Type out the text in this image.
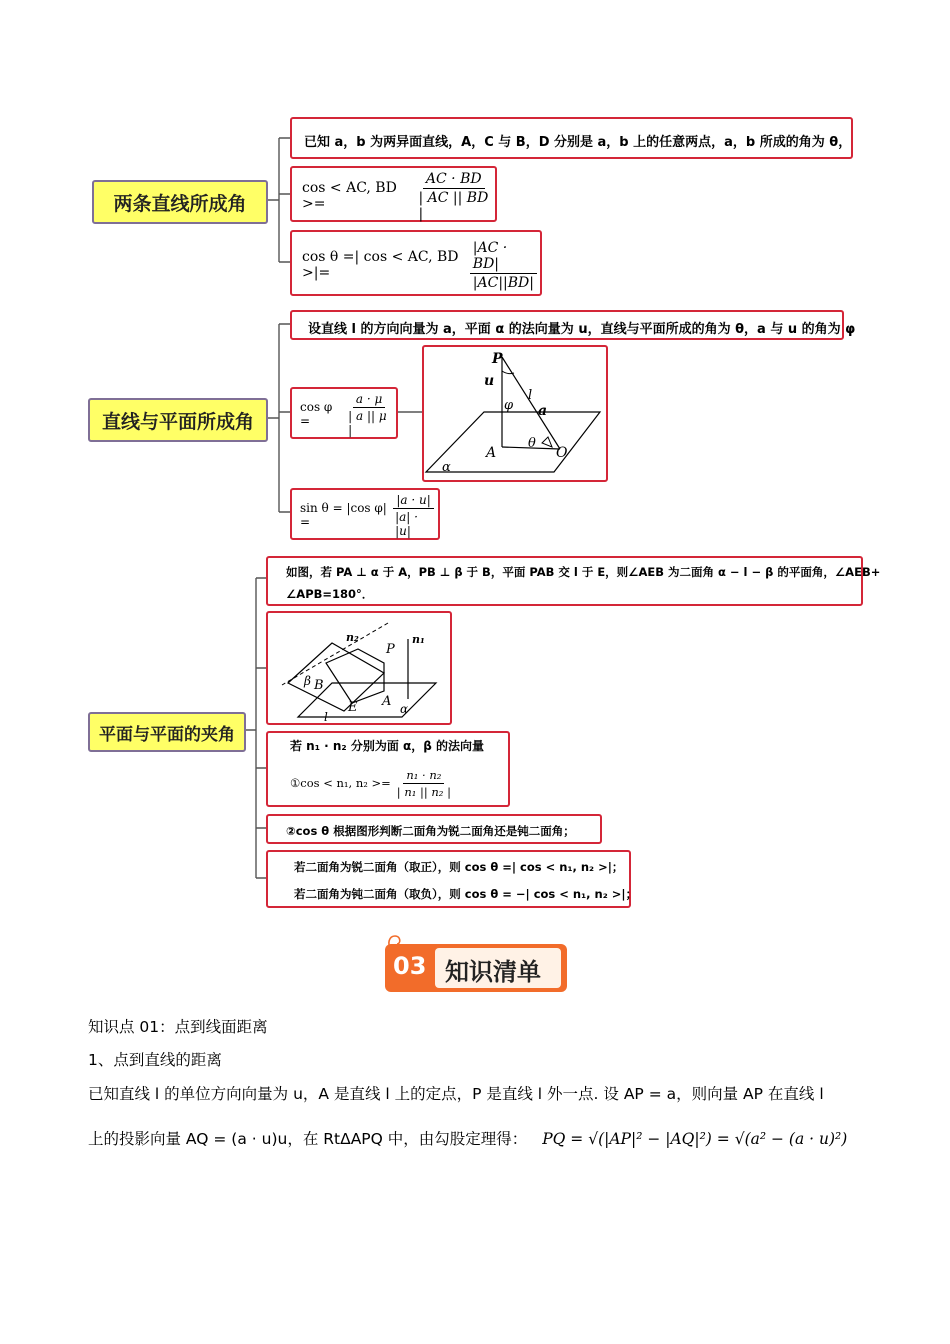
两条直线所成角
已知 a，b 为两异面直线，A，C 与 B，D 分别是 a，b 上的任意两点，a，b 所成的角为 θ，
cos < AC, BD >=	$\frac{AC \cdot BD}{| AC || BD |}$
cos θ =| cos < AC, BD >|=	$\frac{|AC \cdot BD|}{|AC||BD|}$
直线与平面所成角
设直线 l 的方向向量为 a，平面 α 的法向量为 u，直线与平面所成的角为 θ，a 与 u 的角为 φ
cos φ =	$\frac{a \cdot \mu}{| a || \mu |}$
sin θ = |cos φ| =	$\frac{|a \cdot u|}{|a| \cdot |u|}$
P
u
l
φ a
θ
O
A
α
平面与平面的夹角
如图，若 PA ⊥ α 于 A，PB ⊥ β 于 B，平面 PAB 交 l 于 E，则∠AEB 为二面角 α − l − β 的平面角，∠AEB+
∠APB=180°．
n₂	n₁
P
β B
A
E	α
l
若 n₁ · n₂ 分别为面 α，β 的法向量
①cos < n₁, $n_2 >= \frac{\text{n₁ · n₂}}{\text{| n₁ || n₂ |}}$
②cos θ 根据图形判断二面角为锐二面角还是钝二面角；
若二面角为锐二面角（取正），则 cos θ =| cos < n₁, n₂ >|；
若二面角为钝二面角（取负），则 cos θ = −| cos < n₁, n₂ >|；
03 知识清单
知识点 01：点到线面距离
1、点到直线的距离
已知直线 l 的单位方向向量为 u，A 是直线 l 上的定点，P 是直线 l 外一点. 设 AP = a，则向量 AP 在直线 l
上的投影向量 AQ = (a · u)u，在 RtΔAPQ 中，由勾股定理得： PQ = √(|AP|² − |AQ|²) = √(a² − (a · u)²)
